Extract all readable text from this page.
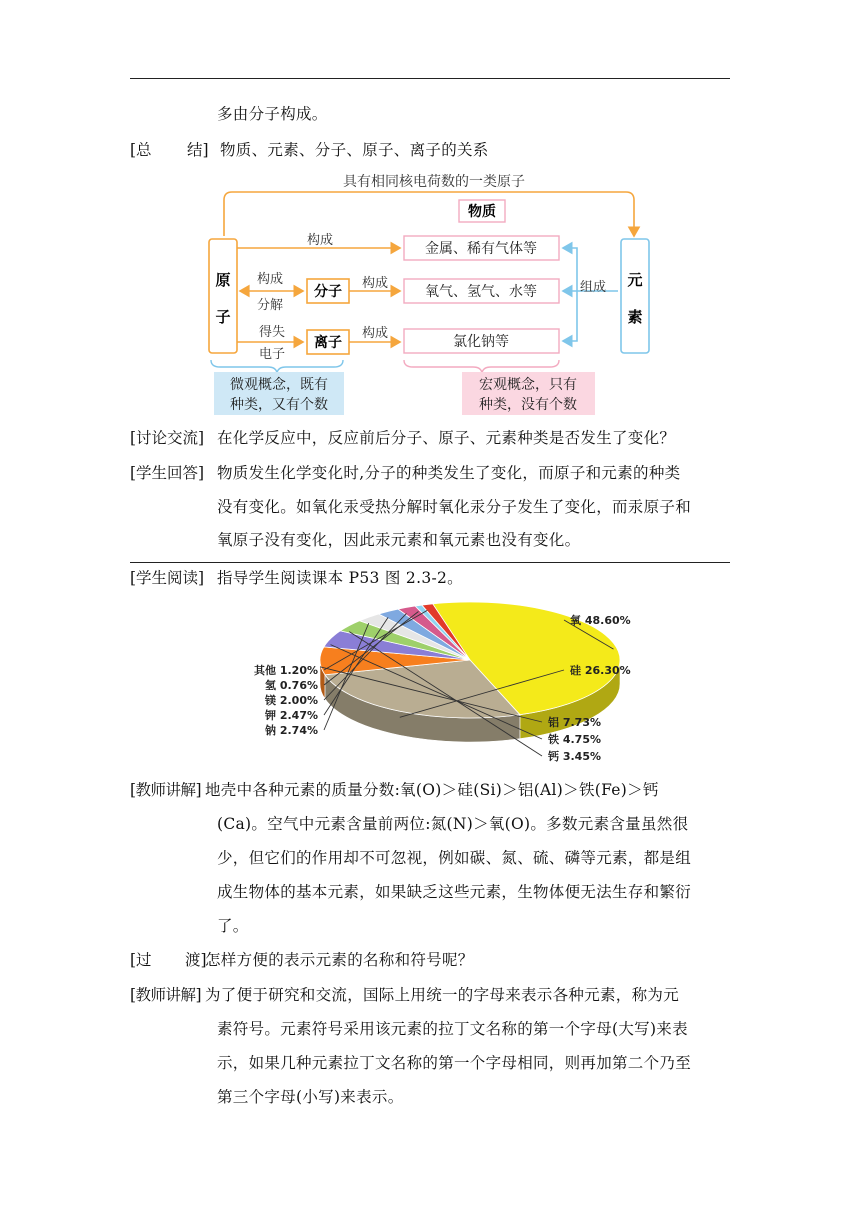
多由分子构成。
[总 结] 物质、元素、分子、原子、离子的关系
具有相同核电荷数的一类原子
原
子
元
素
物质
金属、稀有气体等
氧气、氢气、水等
氯化钠等
分子
离子
构成
构成
分解
得失
电子
构成
构成
组成
微观概念，既有
种类，又有个数
宏观概念，只有
种类，没有个数
[讨论交流] 在化学反应中，反应前后分子、原子、元素种类是否发生了变化？
[学生回答] 物质发生化学变化时,分子的种类发生了变化，而原子和元素的种类
没有变化。如氧化汞受热分解时氧化汞分子发生了变化，而汞原子和
氧原子没有变化，因此汞元素和氧元素也没有变化。
[学生阅读] 指导学生阅读课本 P53 图 2.3-2。
氧 48.60%
硅 26.30%
铝 7.73%
铁 4.75%
钙 3.45%
其他 1.20%
氢 0.76%
镁 2.00%
钾 2.47%
钠 2.74%
[教师讲解] 地壳中各种元素的质量分数:氧(O)＞硅(Si)＞铝(Al)＞铁(Fe)＞钙
(Ca)。空气中元素含量前两位:氮(N)＞氧(O)。多数元素含量虽然很
少，但它们的作用却不可忽视，例如碳、氮、硫、磷等元素，都是组
成生物体的基本元素，如果缺乏这些元素，生物体便无法生存和繁衍
了。
[过 渡]
怎样方便的表示元素的名称和符号呢？
[教师讲解] 为了便于研究和交流，国际上用统一的字母来表示各种元素，称为元
素符号。元素符号采用该元素的拉丁文名称的第一个字母(大写)来表
示，如果几种元素拉丁文名称的第一个字母相同，则再加第二个乃至
第三个字母(小写)来表示。
